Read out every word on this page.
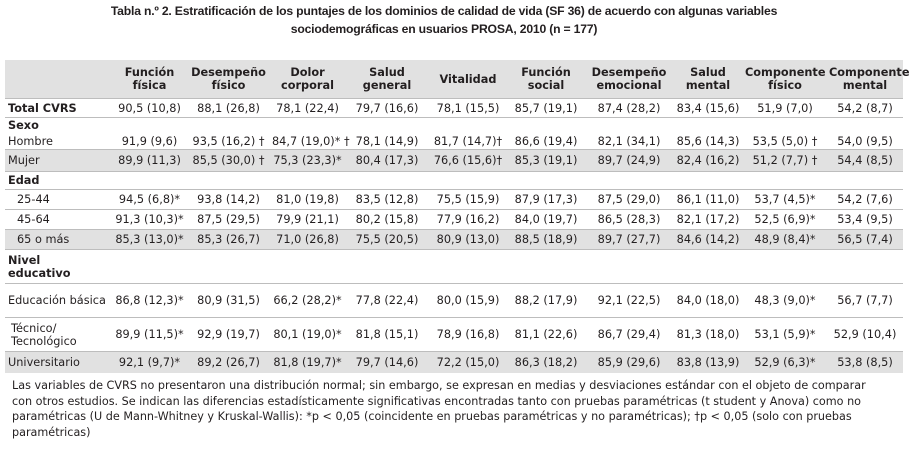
Tabla n.º 2. Estratificación de los puntajes de los dominios de calidad de vida (SF 36) de acuerdo con algunas variables
sociodemográficas en usuarios PROSA, 2010 (n = 177)
	Función física	Desempeño físico	Dolor corporal	Salud general	Vitalidad	Función social	Desempeño emocional	Salud mental	Componente físico	Componente mental
Total CVRS	90,5 (10,8)	88,1 (26,8)	78,1 (22,4)	79,7 (16,6)	78,1 (15,5)	85,7 (19,1)	87,4 (28,2)	83,4 (15,6)	51,9 (7,0)	54,2 (8,7)
Sexo										
Hombre	91,9 (9,6)	93,5 (16,2) †	84,7 (19,0)* †	78,1 (14,9)	81,7 (14,7)†	86,6 (19,4)	82,1 (34,1)	85,6 (14,3)	53,5 (5,0) †	54,0 (9,5)
Mujer	89,9 (11,3)	85,5 (30,0) †	75,3 (23,3)*	80,4 (17,3)	76,6 (15,6)†	85,3 (19,1)	89,7 (24,9)	82,4 (16,2)	51,2 (7,7) †	54,4 (8,5)
Edad										
25-44	94,5 (6,8)*	93,8 (14,2)	81,0 (19,8)	83,5 (12,8)	75,5 (15,9)	87,9 (17,3)	87,5 (29,0)	86,1 (11,0)	53,7 (4,5)*	54,2 (7,6)
45-64	91,3 (10,3)*	87,5 (29,5)	79,9 (21,1)	80,2 (15,8)	77,9 (16,2)	84,0 (19,7)	86,5 (28,3)	82,1 (17,2)	52,5 (6,9)*	53,4 (9,5)
65 o más	85,3 (13,0)*	85,3 (26,7)	71,0 (26,8)	75,5 (20,5)	80,9 (13,0)	88,5 (18,9)	89,7 (27,7)	84,6 (14,2)	48,9 (8,4)*	56,5 (7,4)
Nivel educativo										
Educación básica	86,8 (12,3)*	80,9 (31,5)	66,2 (28,2)*	77,8 (22,4)	80,0 (15,9)	88,2 (17,9)	92,1 (22,5)	84,0 (18,0)	48,3 (9,0)*	56,7 (7,7)
Técnico/ Tecnológico	89,9 (11,5)*	92,9 (19,7)	80,1 (19,0)*	81,8 (15,1)	78,9 (16,8)	81,1 (22,6)	86,7 (29,4)	81,3 (18,0)	53,1 (5,9)*	52,9 (10,4)
Universitario	92,1 (9,7)*	89,2 (26,7)	81,8 (19,7)*	79,7 (14,6)	72,2 (15,0)	86,3 (18,2)	85,9 (29,6)	83,8 (13,9)	52,9 (6,3)*	53,8 (8,5)

Las variables de CVRS no presentaron una distribución normal; sin embargo, se expresan en medias y desviaciones estándar con el objeto de comparar con otros estudios. Se indican las diferencias estadísticamente significativas encontradas tanto con pruebas paramétricas (t student y Anova) como no paramétricas (U de Mann-Whitney y Kruskal-Wallis): *p < 0,05 (coincidente en pruebas paramétricas y no paramétricas); †p < 0,05 (solo con pruebas paramétricas)
